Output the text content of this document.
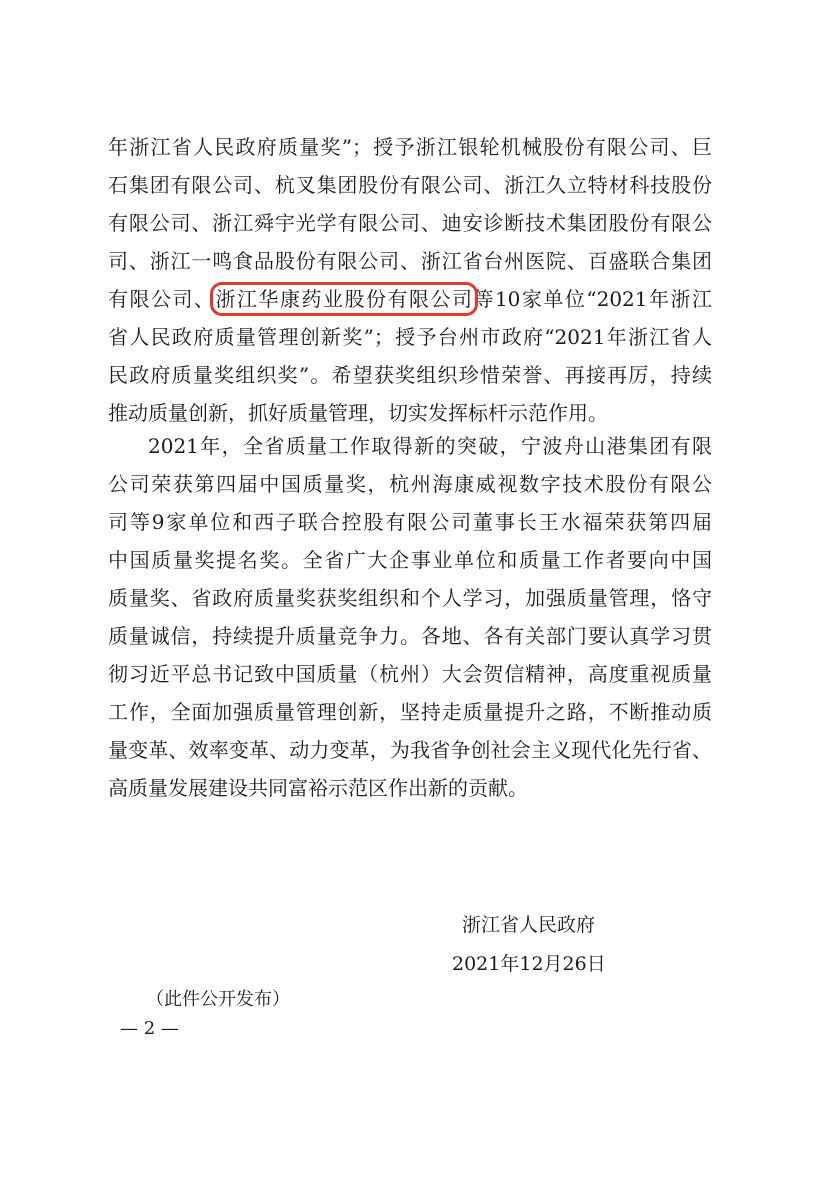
年浙江省人民政府质量奖”；授予浙江银轮机械股份有限公司、巨
石集团有限公司、杭叉集团股份有限公司、浙江久立特材科技股份
有限公司、浙江舜宇光学有限公司、迪安诊断技术集团股份有限公
司、浙江一鸣食品股份有限公司、浙江省台州医院、百盛联合集团
有限公司、浙江华康药业股份有限公司等10家单位“2021年浙江
省人民政府质量管理创新奖”；授予台州市政府“2021年浙江省人
民政府质量奖组织奖”。希望获奖组织珍惜荣誉、再接再厉，持续
推动质量创新，抓好质量管理，切实发挥标杆示范作用。
2021年，全省质量工作取得新的突破，宁波舟山港集团有限
公司荣获第四届中国质量奖，杭州海康威视数字技术股份有限公
司等9家单位和西子联合控股有限公司董事长王水福荣获第四届
中国质量奖提名奖。全省广大企事业单位和质量工作者要向中国
质量奖、省政府质量奖获奖组织和个人学习，加强质量管理，恪守
质量诚信，持续提升质量竞争力。各地、各有关部门要认真学习贯
彻习近平总书记致中国质量（杭州）大会贺信精神，高度重视质量
工作，全面加强质量管理创新，坚持走质量提升之路，不断推动质
量变革、效率变革、动力变革，为我省争创社会主义现代化先行省、
高质量发展建设共同富裕示范区作出新的贡献。
浙江省人民政府
2021年12月26日
（此件公开发布）
— 2 —
